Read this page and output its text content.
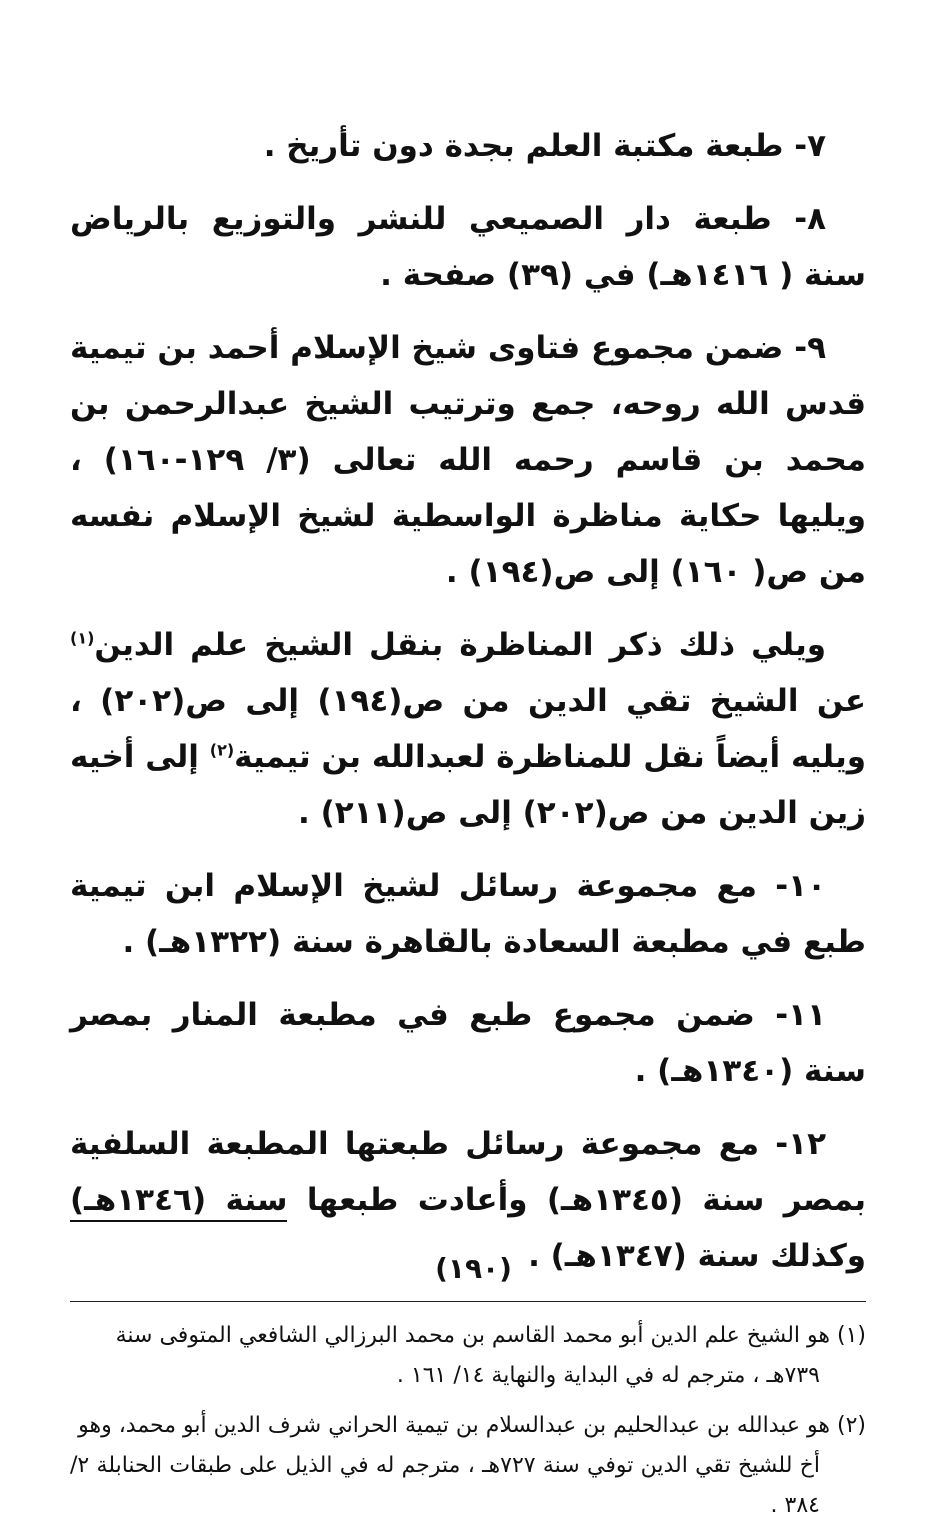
٧- طبعة مكتبة العلم بجدة دون تأريخ .

٨- طبعة دار الصميعي للنشر والتوزيع بالرياض سنة ( ١٤١٦هـ) في (٣٩) صفحة .

٩- ضمن مجموع فتاوى شيخ الإسلام أحمد بن تيمية قدس الله روحه، جمع وترتيب الشيخ عبدالرحمن بن محمد بن قاسم رحمه الله تعالى (٣/ ١٢٩-١٦٠) ، ويليها حكاية مناظرة الواسطية لشيخ الإسلام نفسه من ص( ١٦٠) إلى ص(١٩٤) .

ويلي ذلك ذكر المناظرة بنقل الشيخ علم الدين$^{(١)}$ عن الشيخ تقي الدين من ص(١٩٤) إلى ص(٢٠٢) ، ويليه أيضاً نقل للمناظرة لعبدالله بن تيمية$^{(٢)}$ إلى أخيه زين الدين من ص(٢٠٢) إلى ص(٢١١) .

١٠- مع مجموعة رسائل لشيخ الإسلام ابن تيمية طبع في مطبعة السعادة بالقاهرة سنة (١٣٢٢هـ) .

١١- ضمن مجموع طبع في مطبعة المنار بمصر سنة (١٣٤٠هـ) .

١٢- مع مجموعة رسائل طبعتها المطبعة السلفية بمصر سنة (١٣٤٥هـ) وأعادت طبعها سنة (١٣٤٦هـ) وكذلك سنة (١٣٤٧هـ) .

(١) هو الشيخ علم الدين أبو محمد القاسم بن محمد البرزالي الشافعي المتوفى سنة
٧٣٩هـ ، مترجم له في البداية والنهاية ١٤/ ١٦١ .
(٢) هو عبدالله بن عبدالحليم بن عبدالسلام بن تيمية الحراني شرف الدين أبو محمد، وهو
أخ للشيخ تقي الدين توفي سنة ٧٢٧هـ ، مترجم له في الذيل على طبقات الحنابلة ٢/ ٣٨٤ .
(١٩٠)
